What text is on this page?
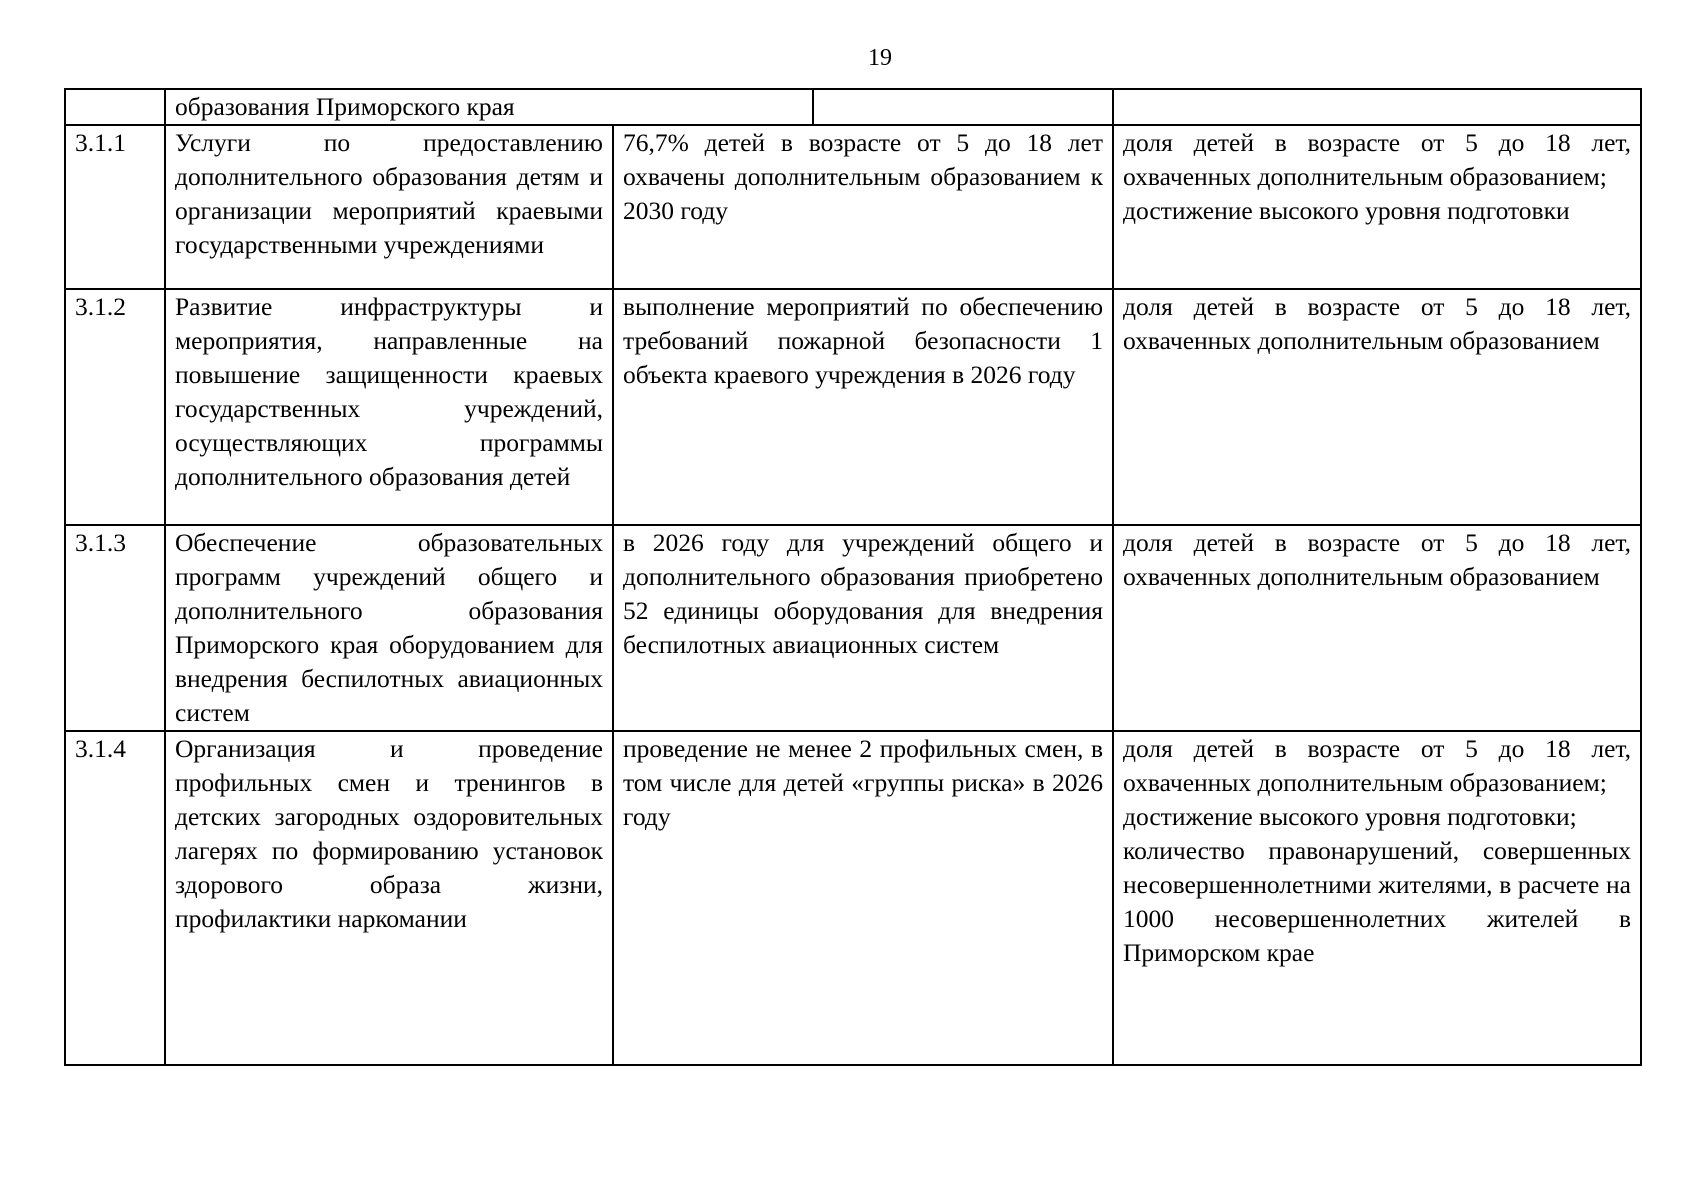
19

	образования Приморского края		

3.1.1	Услуги по предоставлению дополнительного образования детям и организации мероприятий краевыми государственными учреждениями	76,7% детей в возрасте от 5 до 18 лет охвачены дополнительным образованием к 2030 году	доля детей в возрасте от 5 до 18 лет, охваченных дополнительным образованием;
достижение высокого уровня подготовки

3.1.2	Развитие инфраструктуры и мероприятия, направленные на повышение защищенности краевых государственных учреждений, осуществляющих программы дополнительного образования детей	выполнение мероприятий по обеспечению требований пожарной безопасности 1 объекта краевого учреждения в 2026 году	доля детей в возрасте от 5 до 18 лет, охваченных дополнительным образованием

3.1.3	Обеспечение образовательных программ учреждений общего и дополнительного образования Приморского края оборудованием для внедрения беспилотных авиационных систем	в 2026 году для учреждений общего и дополнительного образования приобретено 52 единицы оборудования для внедрения беспилотных авиационных систем	доля детей в возрасте от 5 до 18 лет, охваченных дополнительным образованием

3.1.4	Организация и проведение профильных смен и тренингов в детских загородных оздоровительных лагерях по формированию установок здорового образа жизни, профилактики наркомании	проведение не менее 2 профильных смен, в том числе для детей «группы риска» в 2026 году	доля детей в возрасте от 5 до 18 лет, охваченных дополнительным образованием;
достижение высокого уровня подготовки;
количество правонарушений, совершенных несовершеннолетними жителями, в расчете на 1000 несовершеннолетних жителей в Приморском крае
